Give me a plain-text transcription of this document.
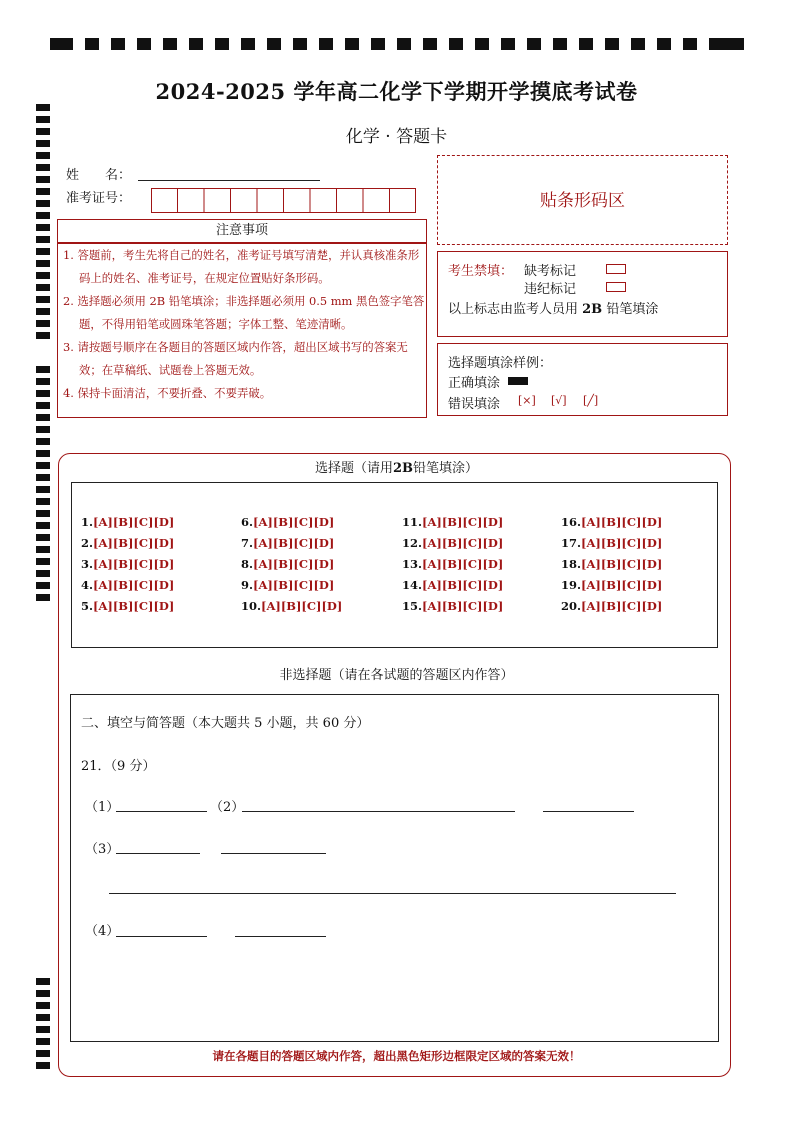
2024-2025 学年高二化学下学期开学摸底考试卷
化学 · 答题卡
姓　　名：
准考证号：	贴条形码区
注意事项
1. 答题前，考生先将自己的姓名，准考证号填写清楚，并认真核准条形码上的姓名、准考证号，在规定位置贴好条形码。
2. 选择题必须用 2B 铅笔填涂；非选择题必须用 0.5 mm 黑色签字笔答题，不得用铅笔或圆珠笔答题；字体工整、笔迹清晰。
3. 请按题号顺序在各题目的答题区域内作答，超出区域书写的答案无效；在草稿纸、试题卷上答题无效。
4. 保持卡面清洁，不要折叠、不要弄破。
考生禁填： 缺考标记
违纪标记
以上标志由监考人员用 2B 铅笔填涂
选择题填涂样例：
正确填涂
错误填涂 [×] [√] [╱]
选择题（请用2B铅笔填涂）
1.[A][B][C][D]
2.[A][B][C][D]
3.[A][B][C][D]
4.[A][B][C][D]
5.[A][B][C][D]
6.[A][B][C][D]
7.[A][B][C][D]
8.[A][B][C][D]
9.[A][B][C][D]
10.[A][B][C][D]
11.[A][B][C][D]
12.[A][B][C][D]
13.[A][B][C][D]
14.[A][B][C][D]
15.[A][B][C][D]
16.[A][B][C][D]
17.[A][B][C][D]
18.[A][B][C][D]
19.[A][B][C][D]
20.[A][B][C][D]
非选择题（请在各试题的答题区内作答）
二、填空与简答题（本大题共 5 小题，共 60 分）
21．（9 分）
（1）	（2）
（3）
（4）
请在各题目的答题区域内作答，超出黑色矩形边框限定区域的答案无效！
